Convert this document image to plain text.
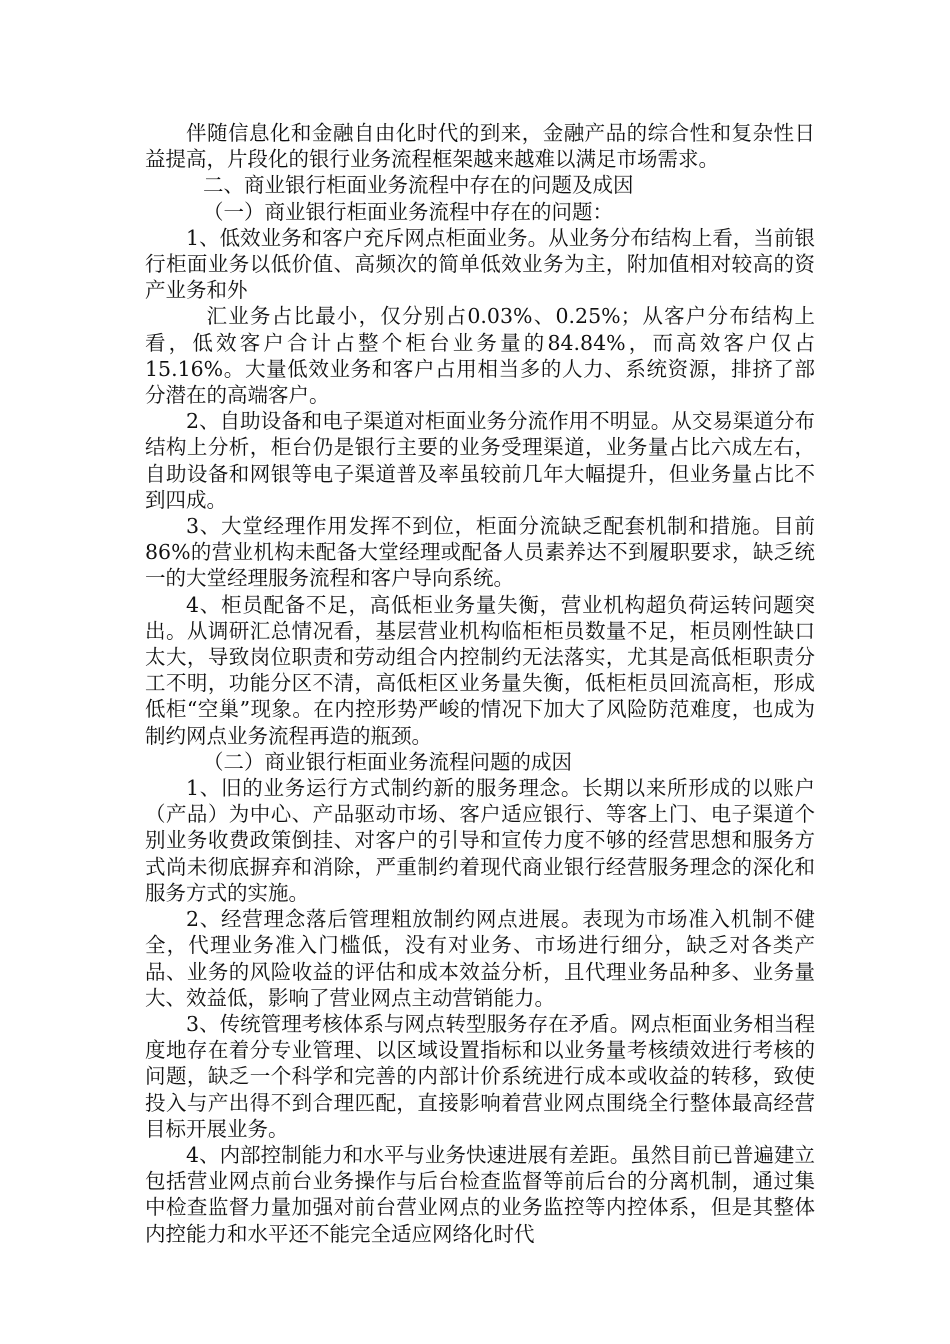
伴随信息化和金融自由化时代的到来，金融产品的综合性和复杂性日益提高，片段化的银行业务流程框架越来越难以满足市场需求。

二、商业银行柜面业务流程中存在的问题及成因

（一）商业银行柜面业务流程中存在的问题：

1、低效业务和客户充斥网点柜面业务。从业务分布结构上看，当前银行柜面业务以低价值、高频次的简单低效业务为主，附加值相对较高的资产业务和外

汇业务占比最小，仅分别占0.03%、0.25%；从客户分布结构上看，低效客户合计占整个柜台业务量的84.84%，而高效客户仅占15.16%。大量低效业务和客户占用相当多的人力、系统资源，排挤了部分潜在的高端客户。

2、自助设备和电子渠道对柜面业务分流作用不明显。从交易渠道分布结构上分析，柜台仍是银行主要的业务受理渠道，业务量占比六成左右，自助设备和网银等电子渠道普及率虽较前几年大幅提升，但业务量占比不到四成。

3、大堂经理作用发挥不到位，柜面分流缺乏配套机制和措施。目前86%的营业机构未配备大堂经理或配备人员素养达不到履职要求，缺乏统一的大堂经理服务流程和客户导向系统。

4、柜员配备不足，高低柜业务量失衡，营业机构超负荷运转问题突出。从调研汇总情况看，基层营业机构临柜柜员数量不足，柜员刚性缺口太大，导致岗位职责和劳动组合内控制约无法落实，尤其是高低柜职责分工不明，功能分区不清，高低柜区业务量失衡，低柜柜员回流高柜，形成低柜“空巢”现象。在内控形势严峻的情况下加大了风险防范难度，也成为制约网点业务流程再造的瓶颈。

（二）商业银行柜面业务流程问题的成因

1、旧的业务运行方式制约新的服务理念。长期以来所形成的以账户（产品）为中心、产品驱动市场、客户适应银行、等客上门、电子渠道个别业务收费政策倒挂、对客户的引导和宣传力度不够的经营思想和服务方式尚未彻底摒弃和消除，严重制约着现代商业银行经营服务理念的深化和服务方式的实施。

2、经营理念落后管理粗放制约网点进展。表现为市场准入机制不健全，代理业务准入门槛低，没有对业务、市场进行细分，缺乏对各类产品、业务的风险收益的评估和成本效益分析，且代理业务品种多、业务量大、效益低，影响了营业网点主动营销能力。

3、传统管理考核体系与网点转型服务存在矛盾。网点柜面业务相当程度地存在着分专业管理、以区域设置指标和以业务量考核绩效进行考核的问题，缺乏一个科学和完善的内部计价系统进行成本或收益的转移，致使投入与产出得不到合理匹配，直接影响着营业网点围绕全行整体最高经营目标开展业务。

4、内部控制能力和水平与业务快速进展有差距。虽然目前已普遍建立包括营业网点前台业务操作与后台检查监督等前后台的分离机制，通过集中检查监督力量加强对前台营业网点的业务监控等内控体系，但是其整体内控能力和水平还不能完全适应网络化时代
